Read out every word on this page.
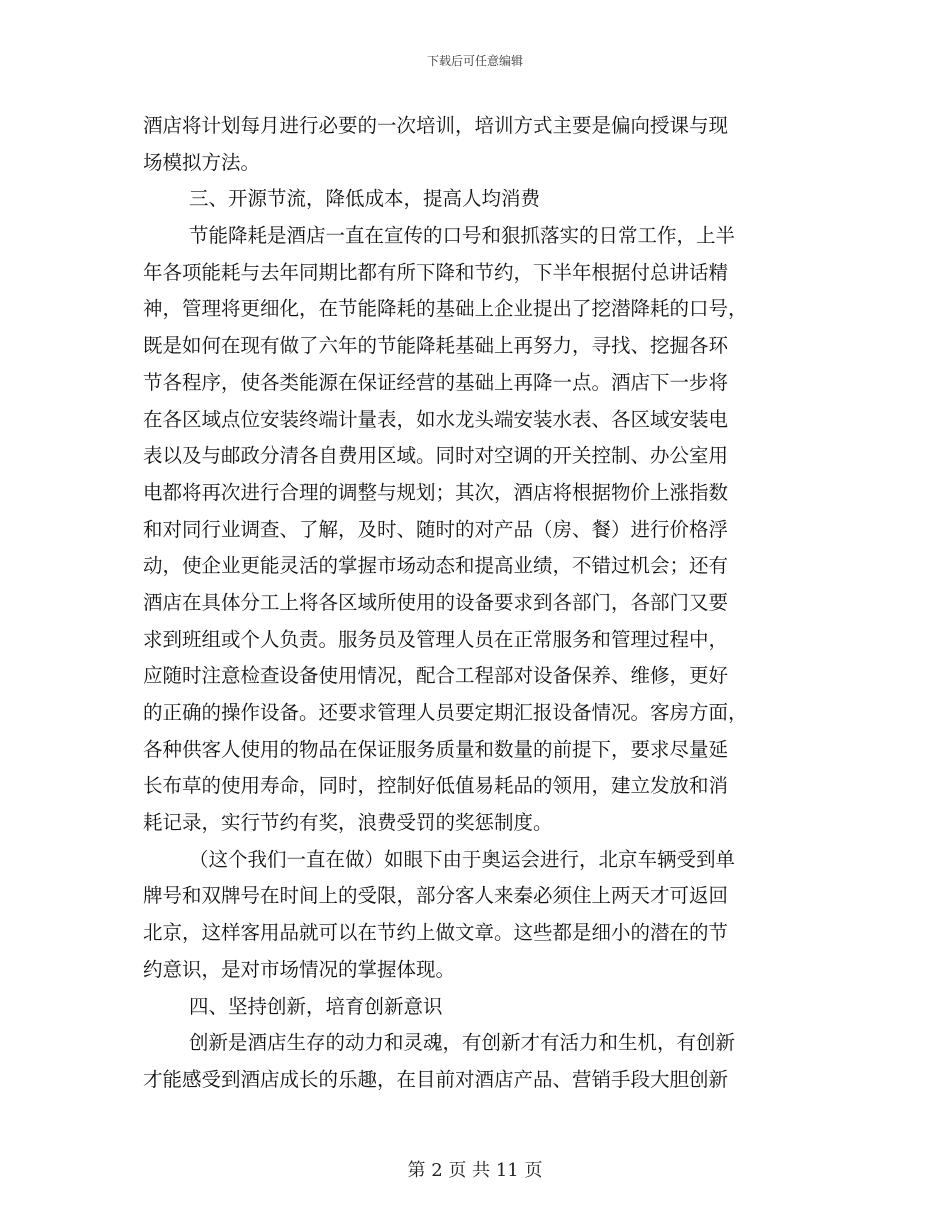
下载后可任意编辑
酒店将计划每月进行必要的一次培训，培训方式主要是偏向授课与现
场模拟方法。
三、开源节流，降低成本，提高人均消费
节能降耗是酒店一直在宣传的口号和狠抓落实的日常工作，上半
年各项能耗与去年同期比都有所下降和节约，下半年根据付总讲话精
神，管理将更细化，在节能降耗的基础上企业提出了挖潜降耗的口号，
既是如何在现有做了六年的节能降耗基础上再努力，寻找、挖掘各环
节各程序，使各类能源在保证经营的基础上再降一点。酒店下一步将
在各区域点位安装终端计量表，如水龙头端安装水表、各区域安装电
表以及与邮政分清各自费用区域。同时对空调的开关控制、办公室用
电都将再次进行合理的调整与规划；其次，酒店将根据物价上涨指数
和对同行业调查、了解，及时、随时的对产品（房、餐）进行价格浮
动，使企业更能灵活的掌握市场动态和提高业绩，不错过机会；还有
酒店在具体分工上将各区域所使用的设备要求到各部门，各部门又要
求到班组或个人负责。服务员及管理人员在正常服务和管理过程中，
应随时注意检查设备使用情况，配合工程部对设备保养、维修，更好
的正确的操作设备。还要求管理人员要定期汇报设备情况。客房方面，
各种供客人使用的物品在保证服务质量和数量的前提下，要求尽量延
长布草的使用寿命，同时，控制好低值易耗品的领用，建立发放和消
耗记录，实行节约有奖，浪费受罚的奖惩制度。
（这个我们一直在做）如眼下由于奥运会进行，北京车辆受到单
牌号和双牌号在时间上的受限，部分客人来秦必须住上两天才可返回
北京，这样客用品就可以在节约上做文章。这些都是细小的潜在的节
约意识，是对市场情况的掌握体现。
四、坚持创新，培育创新意识
创新是酒店生存的动力和灵魂，有创新才有活力和生机，有创新
才能感受到酒店成长的乐趣，在目前对酒店产品、营销手段大胆创新
第 2 页 共 11 页
